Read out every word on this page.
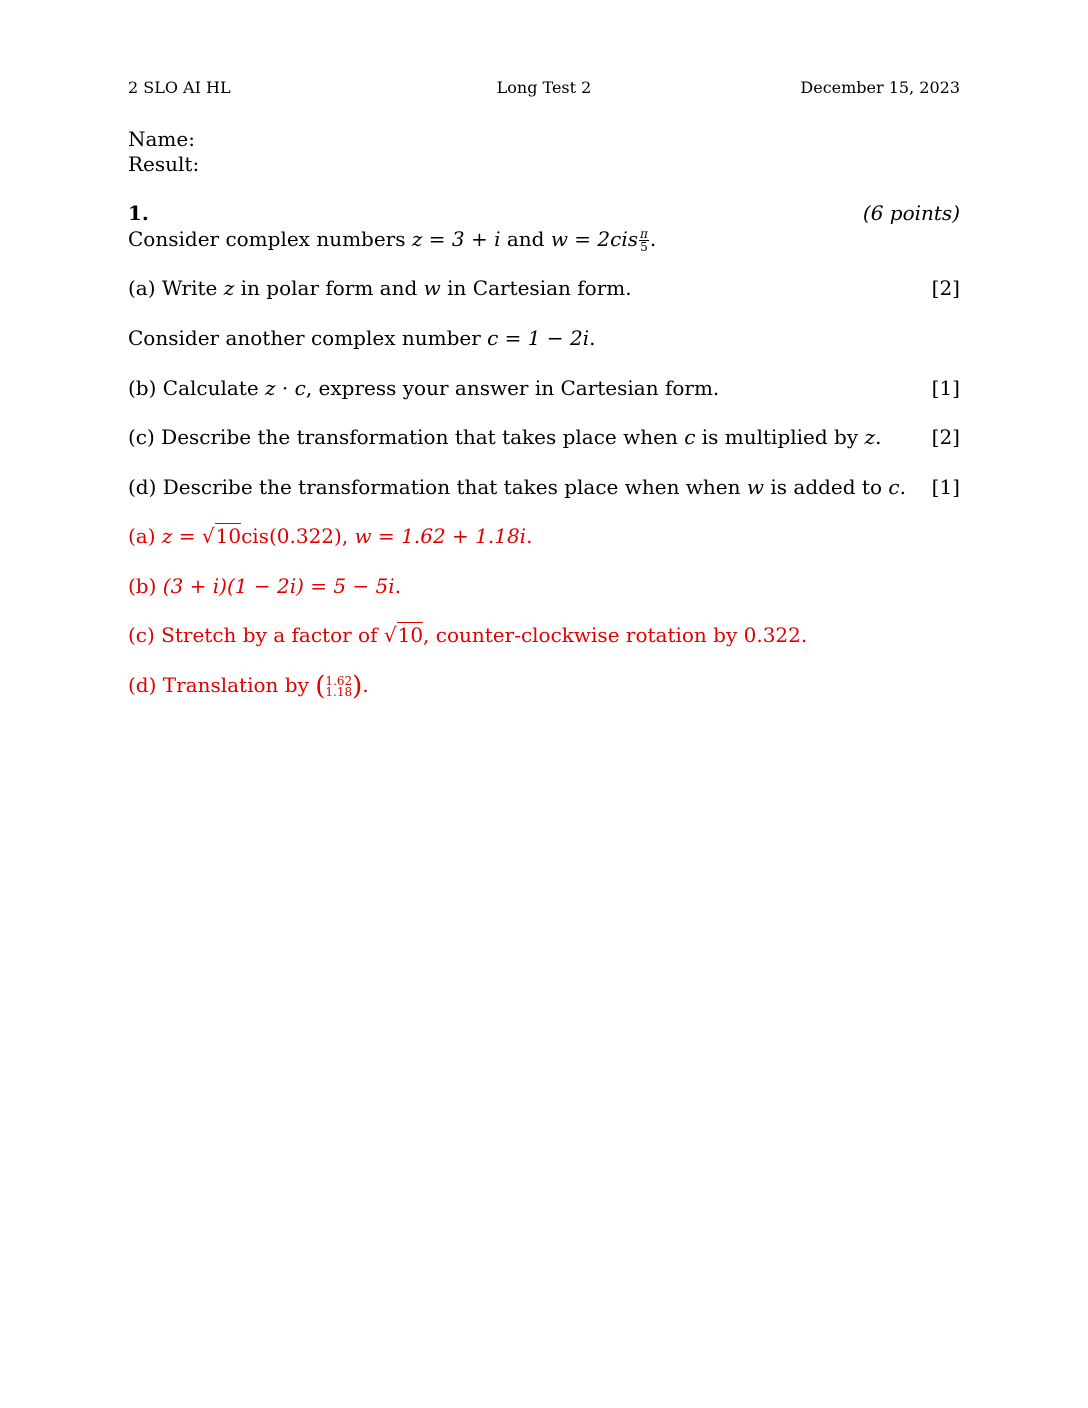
2 SLO AI HL	Long Test 2	December 15, 2023
Name:
Result:
1.	(6 points)
Consider complex numbers z = 3 + i and $w = 2cis \frac{\pi}{5}$ .
(a) Write z in polar form and w in Cartesian form.	[2]
Consider another complex number c = 1 − 2i.
(b) Calculate z · c, express your answer in Cartesian form.	[1]
(c) Describe the transformation that takes place when c is multiplied by z.	[2]
(d) Describe the transformation that takes place when when w is added to c. [1]
(a) z = √10cis(0.322), w = 1.62 + 1.18i.
(b) (3 + i)(1 − 2i) = 5 − 5i.
(c) Stretch by a factor of √10, counter-clockwise rotation by 0.322.
(d) Translation by ( 1.62
1.18 ).
